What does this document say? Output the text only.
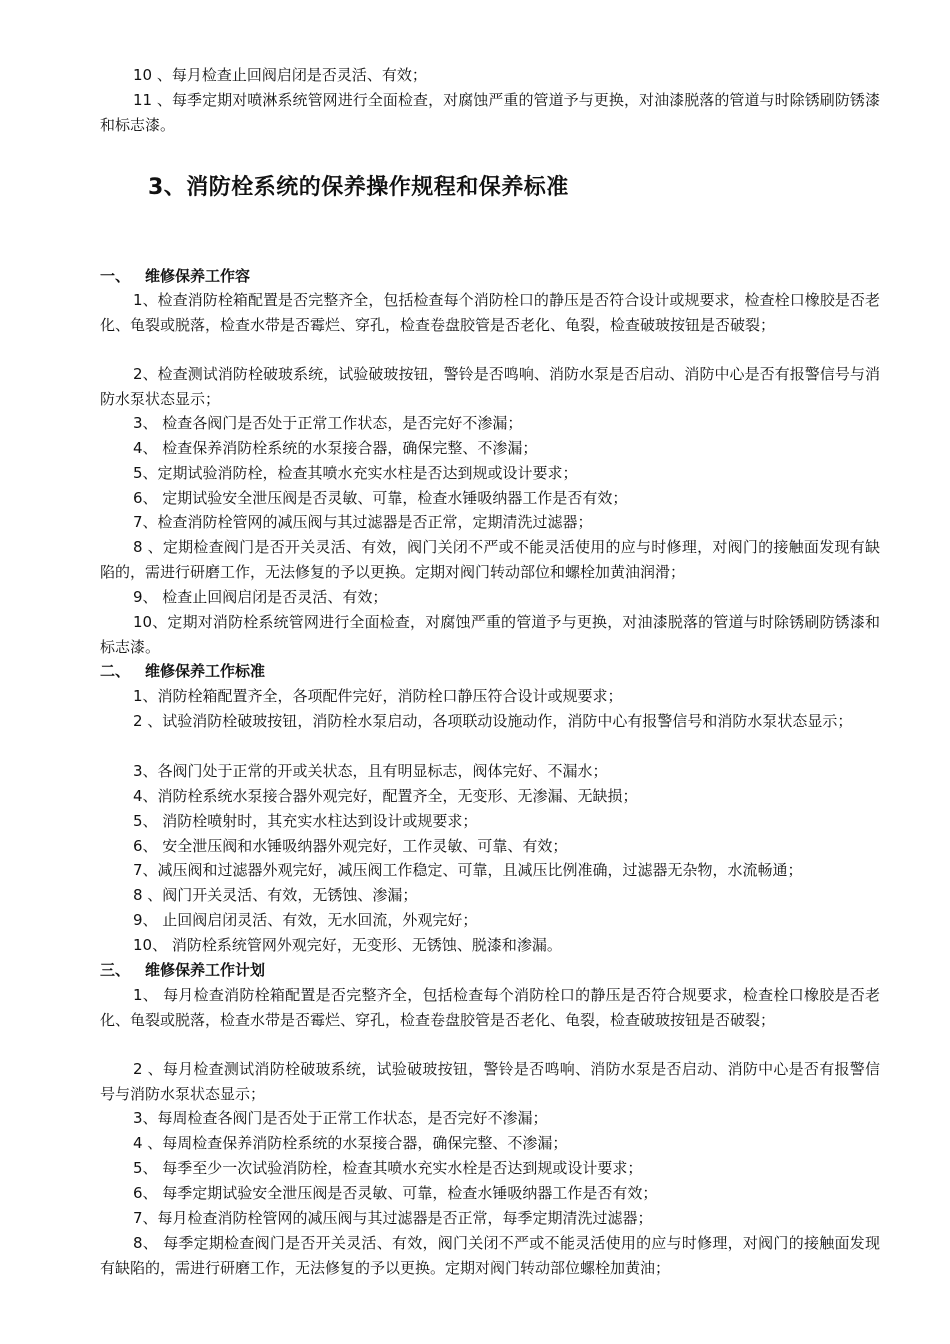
10 、每月检查止回阀启闭是否灵活、有效；
11 、每季定期对喷淋系统管网进行全面检查，对腐蚀严重的管道予与更换，对油漆脱落的管道与时除锈刷防锈漆和标志漆。
3、消防栓系统的保养操作规程和保养标准
一、 维修保养工作容
1、检查消防栓箱配置是否完整齐全，包括检查每个消防栓口的静压是否符合设计或规要求，检查栓口橡胶是否老化、龟裂或脱落，检查水带是否霉烂、穿孔，检查卷盘胶管是否老化、龟裂，检查破玻按钮是否破裂；
2、检查测试消防栓破玻系统，试验破玻按钮，警铃是否鸣响、消防水泵是否启动、消防中心是否有报警信号与消防水泵状态显示；
3、 检查各阀门是否处于正常工作状态，是否完好不渗漏；
4、 检查保养消防栓系统的水泵接合器，确保完整、不渗漏；
5、定期试验消防栓，检查其喷水充实水柱是否达到规或设计要求；
6、 定期试验安全泄压阀是否灵敏、可靠，检查水锤吸纳器工作是否有效；
7、检查消防栓管网的减压阀与其过滤器是否正常，定期清洗过滤器；
8 、定期检查阀门是否开关灵活、有效，阀门关闭不严或不能灵活使用的应与时修理，对阀门的接触面发现有缺陷的，需进行研磨工作，无法修复的予以更换。定期对阀门转动部位和螺栓加黄油润滑；
9、 检查止回阀启闭是否灵活、有效；
10、定期对消防栓系统管网进行全面检查，对腐蚀严重的管道予与更换，对油漆脱落的管道与时除锈刷防锈漆和标志漆。
二、 维修保养工作标准
1、消防栓箱配置齐全，各项配件完好，消防栓口静压符合设计或规要求；
2 、试验消防栓破玻按钮，消防栓水泵启动，各项联动设施动作，消防中心有报警信号和消防水泵状态显示；
3、各阀门处于正常的开或关状态，且有明显标志，阀体完好、不漏水；
4、消防栓系统水泵接合器外观完好，配置齐全，无变形、无渗漏、无缺损；
5、 消防栓喷射时，其充实水柱达到设计或规要求；
6、 安全泄压阀和水锤吸纳器外观完好，工作灵敏、可靠、有效；
7、减压阀和过滤器外观完好，减压阀工作稳定、可靠，且减压比例准确，过滤器无杂物，水流畅通；
8 、阀门开关灵活、有效，无锈蚀、渗漏；
9、 止回阀启闭灵活、有效，无水回流，外观完好；
10、 消防栓系统管网外观完好，无变形、无锈蚀、脱漆和渗漏。
三、 维修保养工作计划
1、 每月检查消防栓箱配置是否完整齐全，包括检查每个消防栓口的静压是否符合规要求，检查栓口橡胶是否老化、龟裂或脱落，检查水带是否霉烂、穿孔，检查卷盘胶管是否老化、龟裂，检查破玻按钮是否破裂；
2 、每月检查测试消防栓破玻系统，试验破玻按钮，警铃是否鸣响、消防水泵是否启动、消防中心是否有报警信号与消防水泵状态显示；
3、每周检查各阀门是否处于正常工作状态，是否完好不渗漏；
4 、每周检查保养消防栓系统的水泵接合器，确保完整、不渗漏；
5、 每季至少一次试验消防栓，检查其喷水充实水栓是否达到规或设计要求；
6、 每季定期试验安全泄压阀是否灵敏、可靠，检查水锤吸纳器工作是否有效；
7、每月检查消防栓管网的减压阀与其过滤器是否正常，每季定期清洗过滤器；
8、 每季定期检查阀门是否开关灵活、有效，阀门关闭不严或不能灵活使用的应与时修理，对阀门的接触面发现有缺陷的，需进行研磨工作，无法修复的予以更换。定期对阀门转动部位螺栓加黄油；
